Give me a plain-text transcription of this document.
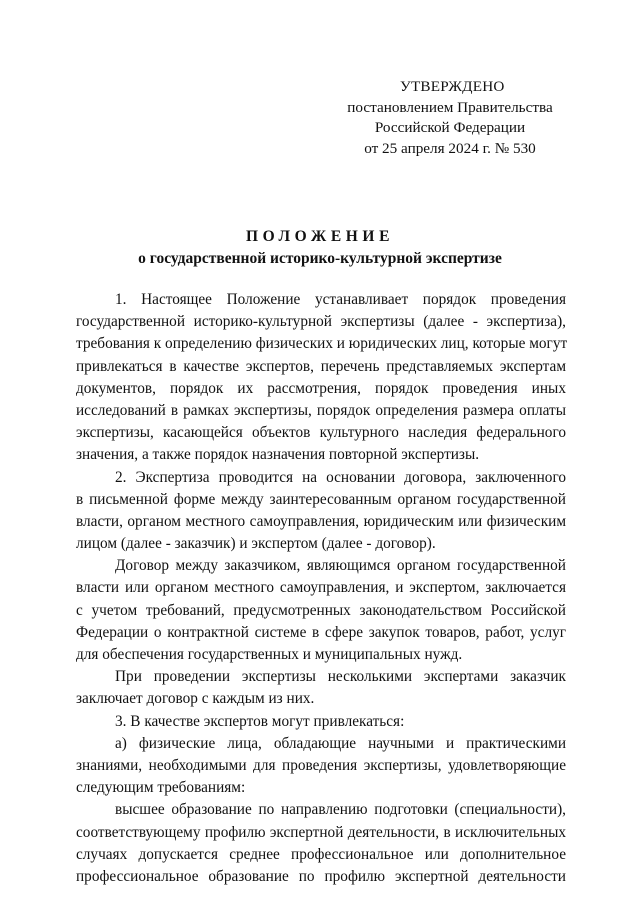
УТВЕРЖДЕНО
постановлением Правительства
Российской Федерации
от 25 апреля 2024 г. № 530
ПОЛОЖЕНИЕ
о государственной историко-культурной экспертизе
1. Настоящее Положение устанавливает порядок проведения
государственной историко-культурной экспертизы (далее - экспертиза),
требования к определению физических и юридических лиц, которые могут
привлекаться в качестве экспертов, перечень представляемых экспертам
документов, порядок их рассмотрения, порядок проведения иных
исследований в рамках экспертизы, порядок определения размера оплаты
экспертизы, касающейся объектов культурного наследия федерального
значения, а также порядок назначения повторной экспертизы.
2. Экспертиза проводится на основании договора, заключенного
в письменной форме между заинтересованным органом государственной
власти, органом местного самоуправления, юридическим или физическим
лицом (далее - заказчик) и экспертом (далее - договор).
Договор между заказчиком, являющимся органом государственной
власти или органом местного самоуправления, и экспертом, заключается
с учетом требований, предусмотренных законодательством Российской
Федерации о контрактной системе в сфере закупок товаров, работ, услуг
для обеспечения государственных и муниципальных нужд.
При проведении экспертизы несколькими экспертами заказчик
заключает договор с каждым из них.
3. В качестве экспертов могут привлекаться:
а) физические лица, обладающие научными и практическими
знаниями, необходимыми для проведения экспертизы, удовлетворяющие
следующим требованиям:
высшее образование по направлению подготовки (специальности),
соответствующему профилю экспертной деятельности, в исключительных
случаях допускается среднее профессиональное или дополнительное
профессиональное образование по профилю экспертной деятельности
